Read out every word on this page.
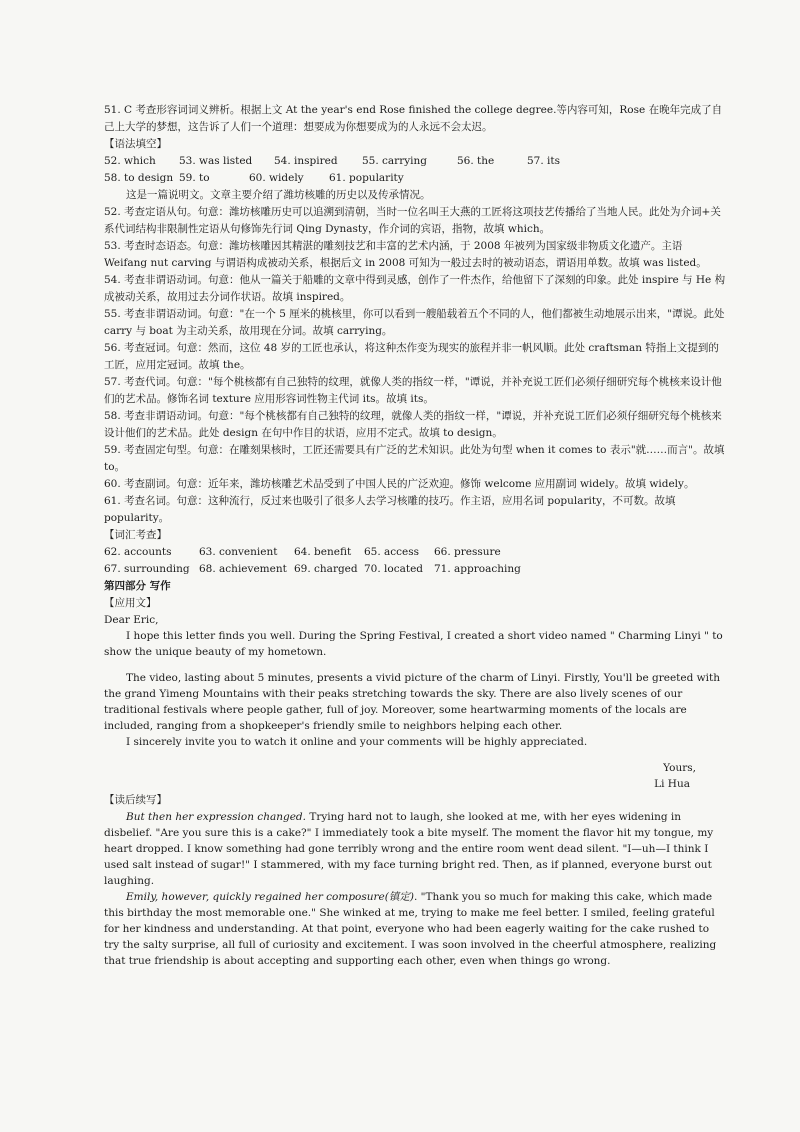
51. C 考查形容词词义辨析。根据上文 At the year's end Rose finished the college degree.等内容可知，Rose 在晚年完成了自己上大学的梦想，这告诉了人们一个道理：想要成为你想要成为的人永远不会太迟。

【语法填空】

52. which	53. was listed	54. inspired	55. carrying	56. the	57. its
58. to design 59. to	60. widely	61. popularity

这是一篇说明文。文章主要介绍了潍坊核雕的历史以及传承情况。

52. 考查定语从句。句意：潍坊核雕历史可以追溯到清朝，当时一位名叫王大燕的工匠将这项技艺传播给了当地人民。此处为介词+关系代词结构非限制性定语从句修饰先行词 Qing Dynasty，作介词的宾语，指物，故填 which。

53. 考查时态语态。句意：潍坊核雕因其精湛的雕刻技艺和丰富的艺术内涵，于 2008 年被列为国家级非物质文化遗产。主语 Weifang nut carving 与谓语构成被动关系，根据后文 in 2008 可知为一般过去时的被动语态，谓语用单数。故填 was listed。

54. 考查非谓语动词。句意：他从一篇关于船雕的文章中得到灵感，创作了一件杰作，给他留下了深刻的印象。此处 inspire 与 He 构成被动关系，故用过去分词作状语。故填 inspired。

55. 考查非谓语动词。句意："在一个 5 厘米的桃核里，你可以看到一艘船载着五个不同的人，他们都被生动地展示出来，"谭说。此处 carry 与 boat 为主动关系，故用现在分词。故填 carrying。

56. 考查冠词。句意：然而，这位 48 岁的工匠也承认，将这种杰作变为现实的旅程并非一帆风顺。此处 craftsman 特指上文提到的工匠，应用定冠词。故填 the。

57. 考查代词。句意："每个桃核都有自己独特的纹理，就像人类的指纹一样，"谭说，并补充说工匠们必须仔细研究每个桃核来设计他们的艺术品。修饰名词 texture 应用形容词性物主代词 its。故填 its。

58. 考查非谓语动词。句意："每个桃核都有自己独特的纹理，就像人类的指纹一样，"谭说，并补充说工匠们必须仔细研究每个桃核来设计他们的艺术品。此处 design 在句中作目的状语，应用不定式。故填 to design。

59. 考查固定句型。句意：在雕刻果核时，工匠还需要具有广泛的艺术知识。此处为句型 when it comes to 表示"就……而言"。故填 to。

60. 考查副词。句意：近年来，潍坊核雕艺术品受到了中国人民的广泛欢迎。修饰 welcome 应用副词 widely。故填 widely。

61. 考查名词。句意：这种流行，反过来也吸引了很多人去学习核雕的技巧。作主语，应用名词 popularity，不可数。故填 popularity。

【词汇考查】

62. accounts	63. convenient	64. benefit	65. access	66. pressure
67. surrounding 68. achievement 69. charged 70. located	71. approaching

第四部分 写作

【应用文】

Dear Eric,

I hope this letter finds you well. During the Spring Festival, I created a short video named " Charming Linyi " to show the unique beauty of my hometown.

The video, lasting about 5 minutes, presents a vivid picture of the charm of Linyi. Firstly, You'll be greeted with the grand Yimeng Mountains with their peaks stretching towards the sky. There are also lively scenes of our traditional festivals where people gather, full of joy. Moreover, some heartwarming moments of the locals are included, ranging from a shopkeeper's friendly smile to neighbors helping each other.

I sincerely invite you to watch it online and your comments will be highly appreciated.

Yours,

Li Hua

【读后续写】

But then her expression changed. Trying hard not to laugh, she looked at me, with her eyes widening in disbelief. "Are you sure this is a cake?" I immediately took a bite myself. The moment the flavor hit my tongue, my heart dropped. I know something had gone terribly wrong and the entire room went dead silent. "I—uh—I think I used salt instead of sugar!" I stammered, with my face turning bright red. Then, as if planned, everyone burst out laughing.

Emily, however, quickly regained her composure(镇定). "Thank you so much for making this cake, which made this birthday the most memorable one." She winked at me, trying to make me feel better. I smiled, feeling grateful for her kindness and understanding. At that point, everyone who had been eagerly waiting for the cake rushed to try the salty surprise, all full of curiosity and excitement. I was soon involved in the cheerful atmosphere, realizing that true friendship is about accepting and supporting each other, even when things go wrong.
